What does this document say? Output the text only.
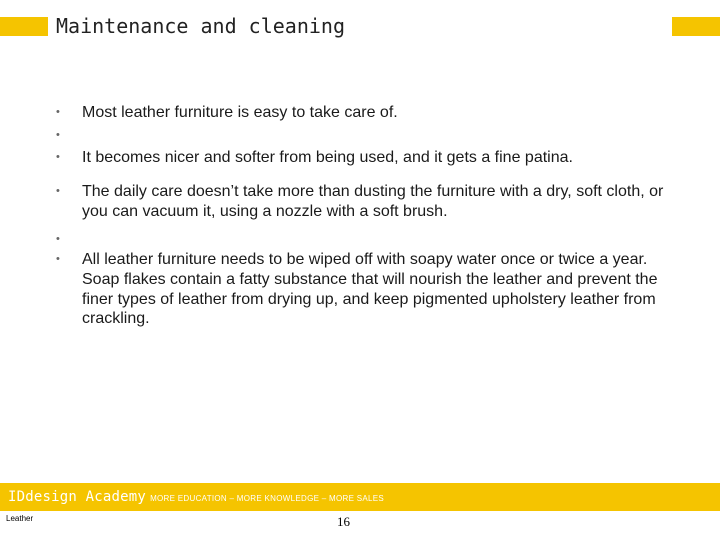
Maintenance and cleaning
• Most leather furniture is easy to take care of.
•
• It becomes nicer and softer from being used, and it gets a fine patina.
• The daily care doesn’t take more than dusting the furniture with a dry, soft cloth, or you can vacuum it, using a nozzle with a soft brush.
•
• All leather furniture needs to be wiped off with soapy water once or twice a year. Soap flakes contain a fatty substance that will nourish the leather and prevent the finer types of leather from drying up, and keep pigmented upholstery leather from crackling.
IDdesign Academy MORE EDUCATION – MORE KNOWLEDGE – MORE SALES
Leather	16
